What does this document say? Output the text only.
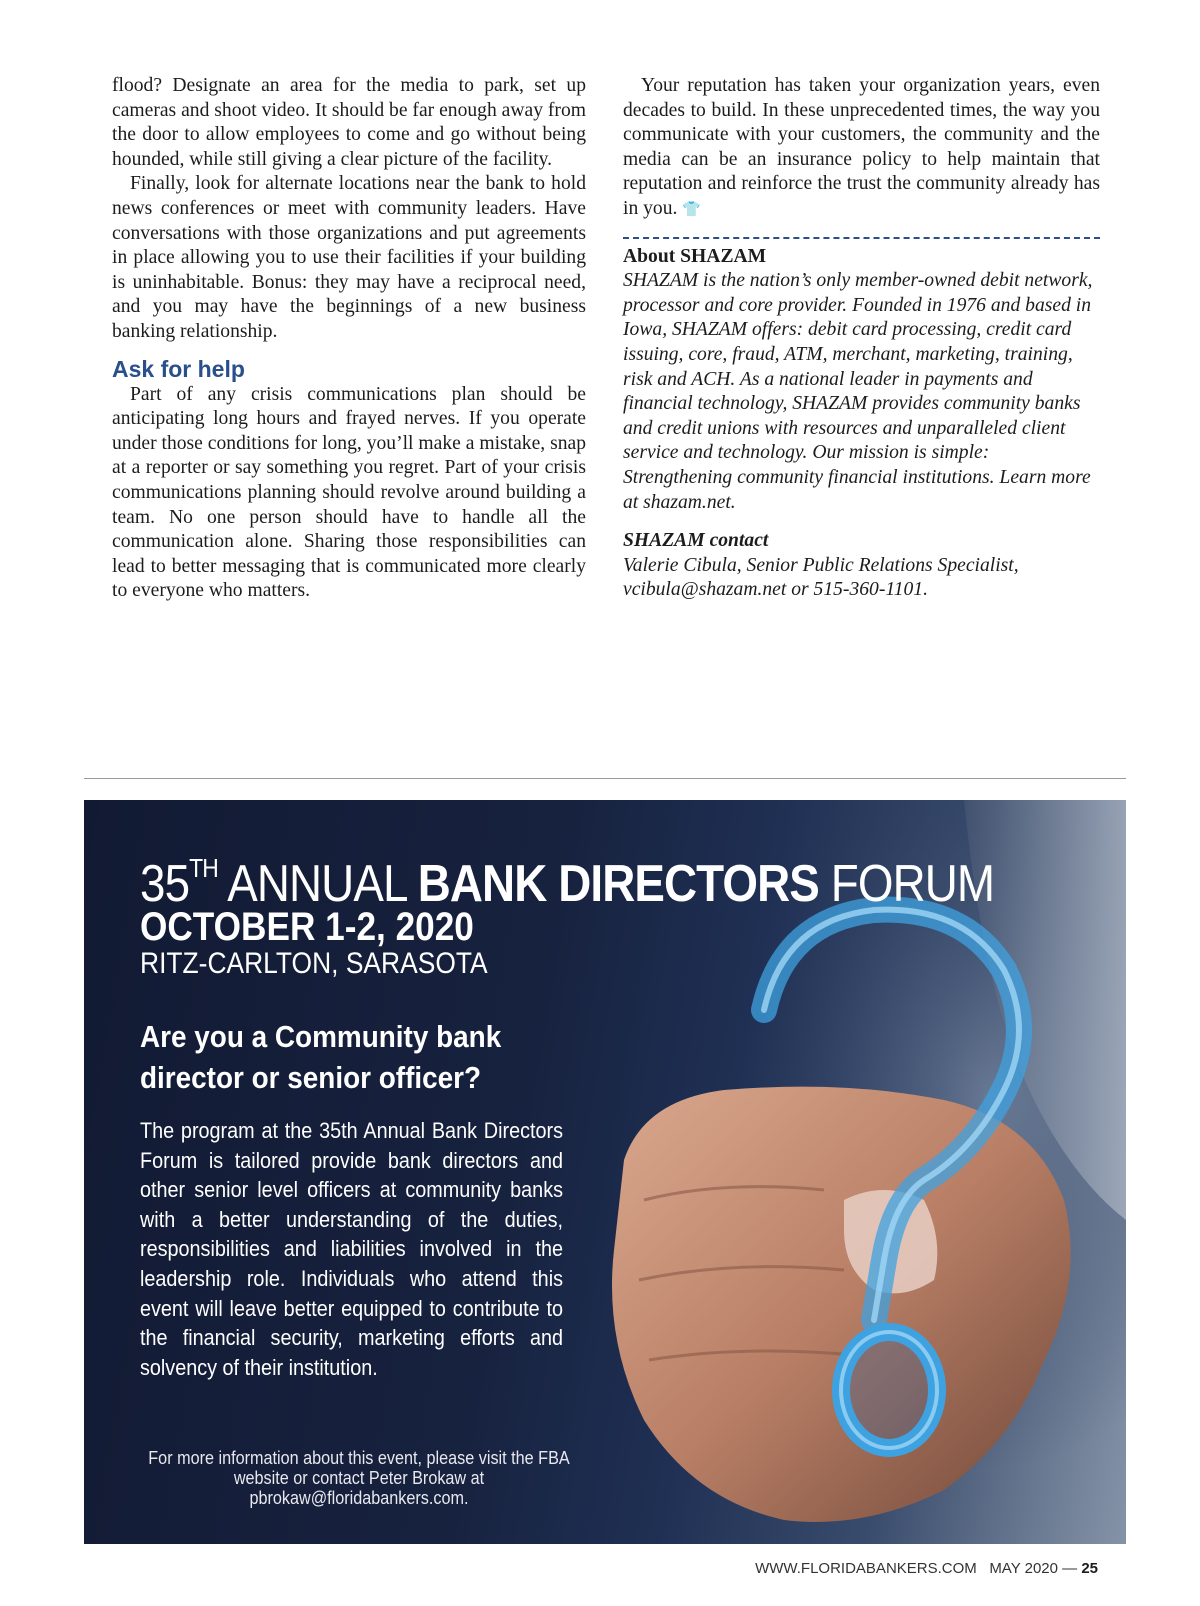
flood? Designate an area for the media to park, set up cameras and shoot video. It should be far enough away from the door to allow employees to come and go without being hounded, while still giving a clear picture of the facility.

Finally, look for alternate locations near the bank to hold news conferences or meet with community leaders. Have conversations with those organizations and put agreements in place allowing you to use their facilities if your building is uninhabitable. Bonus: they may have a reciprocal need, and you may have the beginnings of a new business banking relationship.

Ask for help

Part of any crisis communications plan should be anticipating long hours and frayed nerves. If you operate under those conditions for long, you’ll make a mistake, snap at a reporter or say something you regret. Part of your crisis communications planning should revolve around building a team. No one person should have to handle all the communication alone. Sharing those responsibilities can lead to better messaging that is communicated more clearly to everyone who matters.

Your reputation has taken your organization years, even decades to build. In these unprecedented times, the way you communicate with your customers, the community and the media can be an insurance policy to help maintain that reputation and reinforce the trust the community already has in you. 👕

About SHAZAM

SHAZAM is the nation’s only member-owned debit network, processor and core provider. Founded in 1976 and based in Iowa, SHAZAM offers: debit card processing, credit card issuing, core, fraud, ATM, merchant, marketing, training, risk and ACH. As a national leader in payments and financial technology, SHAZAM provides community banks and credit unions with resources and unparalleled client service and technology. Our mission is simple: Strengthening community financial institutions. Learn more at shazam.net.

SHAZAM contact

Valerie Cibula, Senior Public Relations Specialist, vcibula@shazam.net or 515-360-1101.

35TH ANNUAL BANK DIRECTORS FORUM
OCTOBER 1-2, 2020
RITZ-CARLTON, SARASOTA
Are you a Community bank director or senior officer?
The program at the 35th Annual Bank Directors Forum is tailored provide bank directors and other senior level officers at community banks with a better understanding of the duties, responsibilities and liabilities involved in the leadership role. Individuals who attend this event will leave better equipped to contribute to the financial security, marketing efforts and solvency of their institution.
For more information about this event, please visit the FBA website or contact Peter Brokaw at pbrokaw@floridabankers.com.
WWW.FLORIDABANKERS.COM MAY 2020 — 25
